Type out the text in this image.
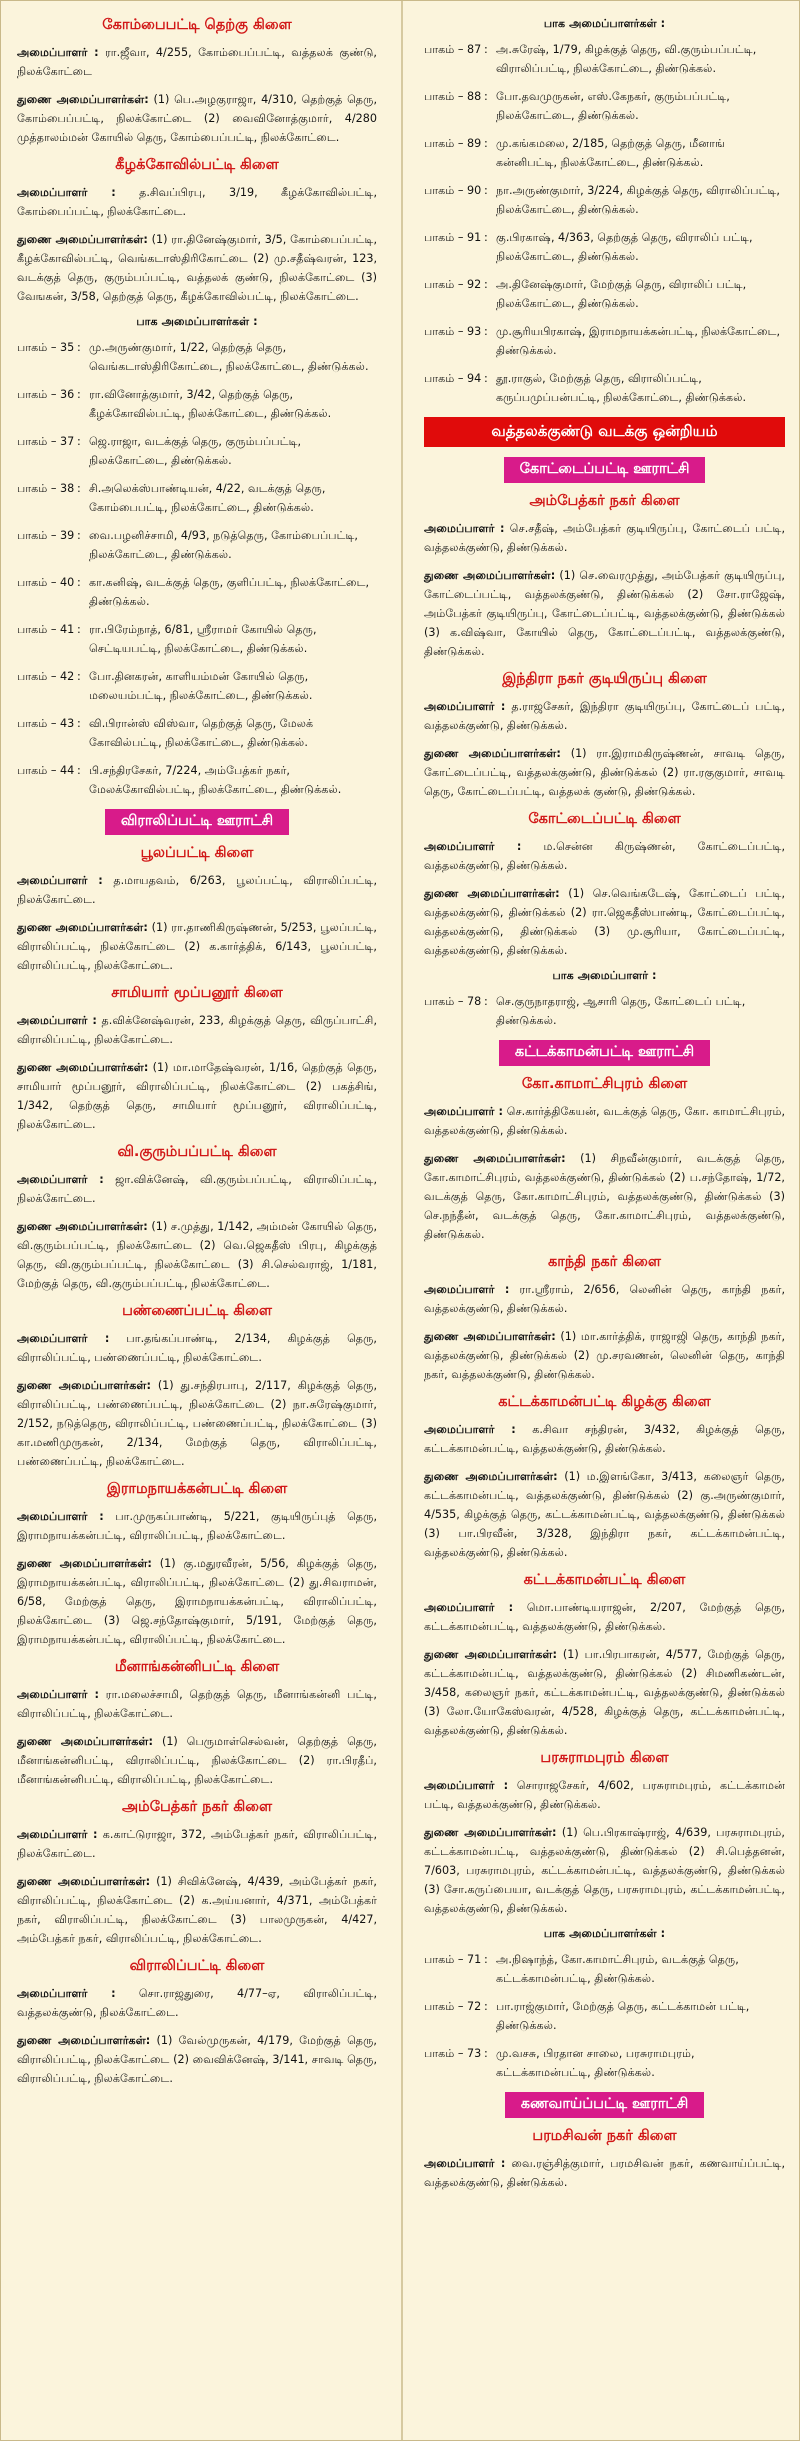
கோம்பைபட்டி தெற்கு கிளை
அமைப்பாளர் : ரா.ஜீவா, 4/255, கோம்பைப்பட்டி, வத்தலக் குண்டு, நிலக்கோட்டை
துணை அமைப்பாளர்கள்: (1) பெ.அழகுராஜா, 4/310, தெற்குத் தெரு, கோம்பைப்பட்டி, நிலக்கோட்டை (2) வைவினோத்குமார், 4/280 முத்தாலம்மன் கோயில் தெரு, கோம்பைப்பட்டி, நிலக்கோட்டை.
கீழக்கோவில்பட்டி கிளை
அமைப்பாளர் : த.சிவப்பிரபு, 3/19, கீழக்கோவில்பட்டி, கோம்பைப்பட்டி, நிலக்கோட்டை.
துணை அமைப்பாளர்கள்: (1) ரா.தினேஷ்குமார், 3/5, கோம்பைப்பட்டி, கீழக்கோவில்பட்டி, வெங்கடாஸ்திரிகோட்டை (2) மு.சதீஷ்வரன், 123, வடக்குத் தெரு, குரும்பப்பட்டி, வத்தலக் குண்டு, நிலக்கோட்டை (3) வேஙகன், 3/58, தெற்குத் தெரு, கீழக்கோவில்பட்டி, நிலக்கோட்டை.
பாக அமைப்பாளர்கள் :
பாகம் – 35 : மு.அருண்குமார், 1/22, தெற்குத் தெரு, வெங்கடாஸ்திரிகோட்டை, நிலக்கோட்டை, திண்டுக்கல்.
பாகம் – 36 : ரா.வினோத்குமார், 3/42, தெற்குத் தெரு, கீழக்கோவில்பட்டி, நிலக்கோட்டை, திண்டுக்கல்.
பாகம் – 37 : ஜெ.ராஜா, வடக்குத் தெரு, குரும்பப்பட்டி, நிலக்கோட்டை, திண்டுக்கல்.
பாகம் – 38 : சி.அலெக்ஸ்பாண்டியன், 4/22, வடக்குத் தெரு, கோம்பைபட்டி, நிலக்கோட்டை, திண்டுக்கல்.
பாகம் – 39 : வை.பழனிச்சாமி, 4/93, நடுத்தெரு, கோம்பைப்பட்டி, நிலக்கோட்டை, திண்டுக்கல்.
பாகம் – 40 : கா.கனிஷ், வடக்குத் தெரு, குளிப்பட்டி, நிலக்கோட்டை, திண்டுக்கல்.
பாகம் – 41 : ரா.பிரேம்நாத், 6/81, ஸ்ரீராமர் கோயில் தெரு, செட்டியபட்டி, நிலக்கோட்டை, திண்டுக்கல்.
பாகம் – 42 : போ.தினகரன், காளியம்மன் கோயில் தெரு, மலையம்பட்டி, நிலக்கோட்டை, திண்டுக்கல்.
பாகம் – 43 : வி.பிரான்ஸ் விஸ்வா, தெற்குத் தெரு, மேலக் கோவில்பட்டி, நிலக்கோட்டை, திண்டுக்கல்.
பாகம் – 44 : பி.சந்திரசேகர், 7/224, அம்பேத்கர் நகர், மேலக்கோவில்பட்டி, நிலக்கோட்டை, திண்டுக்கல்.
விராலிப்பட்டி ஊராட்சி
பூலப்பட்டி கிளை
அமைப்பாளர் : த.மாயதவம், 6/263, பூலப்பட்டி, விராலிப்பட்டி, நிலக்கோட்டை.
துணை அமைப்பாளர்கள்: (1) ரா.தாணிகிருஷ்ணன், 5/253, பூலப்பட்டி, விராலிப்பட்டி, நிலக்கோட்டை (2) க.கார்த்திக், 6/143, பூலப்பட்டி, விராலிப்பட்டி, நிலக்கோட்டை.
சாமியார் மூப்பனூர் கிளை
அமைப்பாளர் : த.விக்னேஷ்வரன், 233, கிழக்குத் தெரு, விருப்பாட்சி, விராலிப்பட்டி, நிலக்கோட்டை.
துணை அமைப்பாளர்கள்: (1) மா.மாதேஷ்வரன், 1/16, தெற்குத் தெரு, சாமியார் மூப்பனூர், விராலிப்பட்டி, நிலக்கோட்டை (2) பகத்சிங், 1/342, தெற்குத் தெரு, சாமியார் மூப்பனூர், விராலிப்பட்டி, நிலக்கோட்டை.
வி.குரும்பப்பட்டி கிளை
அமைப்பாளர் : ஜா.விக்னேஷ், வி.குரும்பப்பட்டி, விராலிப்பட்டி, நிலக்கோட்டை.
துணை அமைப்பாளர்கள்: (1) ச.முத்து, 1/142, அம்மன் கோயில் தெரு, வி.குரும்பப்பட்டி, நிலக்கோட்டை (2) வெ.ஜெகதீஸ் பிரபு, கிழக்குத் தெரு, வி.குரும்பப்பட்டி, நிலக்கோட்டை (3) சி.செல்வராஜ், 1/181, மேற்குத் தெரு, வி.குரும்பப்பட்டி, நிலக்கோட்டை.
பண்ணைப்பட்டி கிளை
அமைப்பாளர் : பா.தங்கப்பாண்டி, 2/134, கிழக்குத் தெரு, விராலிப்பட்டி, பண்ணைப்பட்டி, நிலக்கோட்டை.
துணை அமைப்பாளர்கள்: (1) து.சந்திரபாபு, 2/117, கிழக்குத் தெரு, விராலிப்பட்டி, பண்ணைப்பட்டி, நிலக்கோட்டை (2) நா.சுரேஷ்குமார், 2/152, நடுத்தெரு, விராலிப்பட்டி, பண்ணைப்பட்டி, நிலக்கோட்டை (3) கா.மணிமுருகன், 2/134, மேற்குத் தெரு, விராலிப்பட்டி, பண்ணைப்பட்டி, நிலக்கோட்டை.
இராமநாயக்கன்பட்டி கிளை
அமைப்பாளர் : பா.முருகப்பாண்டி, 5/221, குடியிருப்புத் தெரு, இராமநாயக்கன்பட்டி, விராலிப்பட்டி, நிலக்கோட்டை.
துணை அமைப்பாளர்கள்: (1) கு.மதுரவீரன், 5/56, கிழக்குத் தெரு, இராமநாயக்கன்பட்டி, விராலிப்பட்டி, நிலக்கோட்டை (2) து.சிவராமன், 6/58, மேற்குத் தெரு, இராமநாயக்கன்பட்டி, விராலிப்பட்டி, நிலக்கோட்டை (3) ஜெ.சந்தோஷ்குமார், 5/191, மேற்குத் தெரு, இராமநாயக்கன்பட்டி, விராலிப்பட்டி, நிலக்கோட்டை.
மீனாங்கன்னிபட்டி கிளை
அமைப்பாளர் : ரா.மலைச்சாமி, தெற்குத் தெரு, மீனாங்கன்னி பட்டி, விராலிப்பட்டி, நிலக்கோட்டை.
துணை அமைப்பாளர்கள்: (1) பெருமாள்செல்வன், தெற்குத் தெரு, மீனாங்கன்னிபட்டி, விராலிப்பட்டி, நிலக்கோட்டை (2) ரா.பிரதீப், மீனாங்கன்னிபட்டி, விராலிப்பட்டி, நிலக்கோட்டை.
அம்பேத்கர் நகர் கிளை
அமைப்பாளர் : க.காட்டுராஜா, 372, அம்பேத்கர் நகர், விராலிப்பட்டி, நிலக்கோட்டை.
துணை அமைப்பாளர்கள்: (1) சிவிக்னேஷ், 4/439, அம்பேத்கர் நகர், விராலிப்பட்டி, நிலக்கோட்டை (2) க.அய்யனார், 4/371, அம்பேத்கர் நகர், விராலிப்பட்டி, நிலக்கோட்டை (3) பாலமுருகன், 4/427, அம்பேத்கர் நகர், விராலிப்பட்டி, நிலக்கோட்டை.
விராலிப்பட்டி கிளை
அமைப்பாளர் : சொ.ராஜதுரை, 4/77–ஏ, விராலிப்பட்டி, வத்தலக்குண்டு, நிலக்கோட்டை.
துணை அமைப்பாளர்கள்: (1) வேல்முருகன், 4/179, மேற்குத் தெரு, விராலிப்பட்டி, நிலக்கோட்டை (2) வைவிக்னேஷ், 3/141, சாவடி தெரு, விராலிப்பட்டி, நிலக்கோட்டை.
பாக அமைப்பாளர்கள் :
பாகம் – 87 : அ.சுரேஷ், 1/79, கிழக்குத் தெரு, வி.குரும்பப்பட்டி, விராலிப்பட்டி, நிலக்கோட்டை, திண்டுக்கல்.
பாகம் – 88 : போ.தவமுருகன், எஸ்.கேநகர், குரும்பப்பட்டி, நிலக்கோட்டை, திண்டுக்கல்.
பாகம் – 89 : மு.கங்கமலை, 2/185, தெற்குத் தெரு, மீனாங் கன்னிபட்டி, நிலக்கோட்டை, திண்டுக்கல்.
பாகம் – 90 : நா.அருண்குமார், 3/224, கிழக்குத் தெரு, விராலிப்பட்டி, நிலக்கோட்டை, திண்டுக்கல்.
பாகம் – 91 : கு.பிரகாஷ், 4/363, தெற்குத் தெரு, விராலிப் பட்டி, நிலக்கோட்டை, திண்டுக்கல்.
பாகம் – 92 : அ.தினேஷ்குமார், மேற்குத் தெரு, விராலிப் பட்டி, நிலக்கோட்டை, திண்டுக்கல்.
பாகம் – 93 : மு.சூரியபிரகாஷ், இராமநாயக்கன்பட்டி, நிலக்கோட்டை, திண்டுக்கல்.
பாகம் – 94 : தூ.ராகுல், மேற்குத் தெரு, விராலிப்பட்டி, கருப்பமுப்பன்பட்டி, நிலக்கோட்டை, திண்டுக்கல்.
வத்தலக்குண்டு வடக்கு ஒன்றியம்
கோட்டைப்பட்டி ஊராட்சி
அம்பேத்கர் நகர் கிளை
அமைப்பாளர் : செ.சதீஷ், அம்பேத்கர் குடியிருப்பு, கோட்டைப் பட்டி, வத்தலக்குண்டு, திண்டுக்கல்.
துணை அமைப்பாளர்கள்: (1) செ.வைரமுத்து, அம்பேத்கர் குடியிருப்பு, கோட்டைப்பட்டி, வத்தலக்குண்டு, திண்டுக்கல் (2) சோ.ராஜேஷ், அம்பேத்கர் குடியிருப்பு, கோட்டைப்பட்டி, வத்தலக்குண்டு, திண்டுக்கல் (3) க.விஷ்வா, கோயில் தெரு, கோட்டைப்பட்டி, வத்தலக்குண்டு, திண்டுக்கல்.
இந்திரா நகர் குடியிருப்பு கிளை
அமைப்பாளர் : த.ராஜசேகர், இந்திரா குடியிருப்பு, கோட்டைப் பட்டி, வத்தலக்குண்டு, திண்டுக்கல்.
துணை அமைப்பாளர்கள்: (1) ரா.இராமகிருஷ்ணன், சாவடி தெரு, கோட்டைப்பட்டி, வத்தலக்குண்டு, திண்டுக்கல் (2) ரா.ரகுகுமார், சாவடி தெரு, கோட்டைப்பட்டி, வத்தலக் குண்டு, திண்டுக்கல்.
கோட்டைப்பட்டி கிளை
அமைப்பாளர் : ம.சென்ன கிருஷ்ணன், கோட்டைப்பட்டி, வத்தலக்குண்டு, திண்டுக்கல்.
துணை அமைப்பாளர்கள்: (1) செ.வெங்கடேஷ், கோட்டைப் பட்டி, வத்தலக்குண்டு, திண்டுக்கல் (2) ரா.ஜெகதீஸ்பாண்டி, கோட்டைப்பட்டி, வத்தலக்குண்டு, திண்டுக்கல் (3) மு.சூரியா, கோட்டைப்பட்டி, வத்தலக்குண்டு, திண்டுக்கல்.
பாக அமைப்பாளர் :
பாகம் – 78 : செ.குருநாதராஜ், ஆசாரி தெரு, கோட்டைப் பட்டி, திண்டுக்கல்.
கட்டக்காமன்பட்டி ஊராட்சி
கோ.காமாட்சிபுரம் கிளை
அமைப்பாளர் : செ.கார்த்திகேயன், வடக்குத் தெரு, கோ. காமாட்சிபுரம், வத்தலக்குண்டு, திண்டுக்கல்.
துணை அமைப்பாளர்கள்: (1) சிநவீன்குமார், வடக்குத் தெரு, கோ.காமாட்சிபுரம், வத்தலக்குண்டு, திண்டுக்கல் (2) ப.சந்தோஷ், 1/72, வடக்குத் தெரு, கோ.காமாட்சிபுரம், வத்தலக்குண்டு, திண்டுக்கல் (3) செ.நந்தீன், வடக்குத் தெரு, கோ.காமாட்சிபுரம், வத்தலக்குண்டு, திண்டுக்கல்.
காந்தி நகர் கிளை
அமைப்பாளர் : ரா.ஸ்ரீராம், 2/656, லெனின் தெரு, காந்தி நகர், வத்தலக்குண்டு, திண்டுக்கல்.
துணை அமைப்பாளர்கள்: (1) மா.கார்த்திக், ராஜாஜி தெரு, காந்தி நகர், வத்தலக்குண்டு, திண்டுக்கல் (2) மு.சரவணன், லெனின் தெரு, காந்தி நகர், வத்தலக்குண்டு, திண்டுக்கல்.
கட்டக்காமன்பட்டி கிழக்கு கிளை
அமைப்பாளர் : க.சிவா சந்திரன், 3/432, கிழக்குத் தெரு, கட்டக்காமன்பட்டி, வத்தலக்குண்டு, திண்டுக்கல்.
துணை அமைப்பாளர்கள்: (1) ம.இளங்கோ, 3/413, கலைஞர் தெரு, கட்டக்காமன்பட்டி, வத்தலக்குண்டு, திண்டுக்கல் (2) கு.அருண்குமார், 4/535, கிழக்குத் தெரு, கட்டக்காமன்பட்டி, வத்தலக்குண்டு, திண்டுக்கல் (3) பா.பிரவீன், 3/328, இந்திரா நகர், கட்டக்காமன்பட்டி, வத்தலக்குண்டு, திண்டுக்கல்.
கட்டக்காமன்பட்டி கிளை
அமைப்பாளர் : மொ.பாண்டியராஜன், 2/207, மேற்குத் தெரு, கட்டக்காமன்பட்டி, வத்தலக்குண்டு, திண்டுக்கல்.
துணை அமைப்பாளர்கள்: (1) பா.பிரபாகரன், 4/577, மேற்குத் தெரு, கட்டக்காமன்பட்டி, வத்தலக்குண்டு, திண்டுக்கல் (2) சிமணிகண்டன், 3/458, கலைஞர் நகர், கட்டக்காமன்பட்டி, வத்தலக்குண்டு, திண்டுக்கல் (3) லோ.யோகேஸ்வரன், 4/528, கிழக்குத் தெரு, கட்டக்காமன்பட்டி, வத்தலக்குண்டு, திண்டுக்கல்.
பரசுராமபுரம் கிளை
அமைப்பாளர் : சொராஜசேகர், 4/602, பரசுராமபுரம், கட்டக்காமன் பட்டி, வத்தலக்குண்டு, திண்டுக்கல்.
துணை அமைப்பாளர்கள்: (1) பெ.பிரகாஷ்ராஜ், 4/639, பரசுராமபுரம், கட்டக்காமன்பட்டி, வத்தலக்குண்டு, திண்டுக்கல் (2) சி.பெத்தனன், 7/603, பரசுராமபுரம், கட்டக்காமன்பட்டி, வத்தலக்குண்டு, திண்டுக்கல் (3) சோ.கருப்பையா, வடக்குத் தெரு, பரசுராமபுரம், கட்டக்காமன்பட்டி, வத்தலக்குண்டு, திண்டுக்கல்.
பாக அமைப்பாளர்கள் :
பாகம் – 71 : அ.நிஷாந்த், கோ.காமாட்சிபுரம், வடக்குத் தெரு, கட்டக்காமன்பட்டி, திண்டுக்கல்.
பாகம் – 72 : பா.ராஜ்குமார், மேற்குத் தெரு, கட்டக்காமன் பட்டி, திண்டுக்கல்.
பாகம் – 73 : மு.வசசு, பிரதான சாலை, பரசுராமபுரம், கட்டக்காமன்பட்டி, திண்டுக்கல்.
கணவாய்ப்பட்டி ஊராட்சி
பரமசிவன் நகர் கிளை
அமைப்பாளர் : வை.ரஞ்சித்குமார், பரமசிவன் நகர், கணவாய்ப்பட்டி, வத்தலக்குண்டு, திண்டுக்கல்.
